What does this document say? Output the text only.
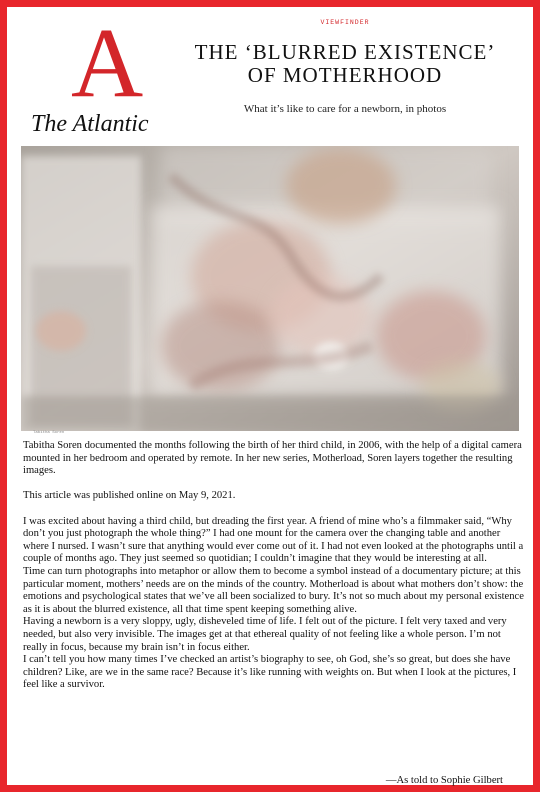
A
The Atlantic
VIEWFINDER
THE ‘BLURRED EXISTENCE’
OF MOTHERHOOD
What it’s like to care for a newborn, in photos
Tabitha Soren

Tabitha Soren documented the months following the birth of her third child, in 2006, with the help of a digital camera mounted in her bedroom and operated by remote. In her new series, Motherload, Soren layers together the resulting images.

This article was published online on May 9, 2021.

I was excited about having a third child, but dreading the first year. A friend of mine who’s a filmmaker said, “Why don’t you just photograph the whole thing?” I had one mount for the camera over the changing table and another where I nursed. I wasn’t sure that anything would ever come out of it. I had not even looked at the photographs until a couple of months ago. They just seemed so quotidian; I couldn’t imagine that they would be interesting at all.

Time can turn photographs into metaphor or allow them to become a symbol instead of a documentary picture; at this particular moment, mothers’ needs are on the minds of the country. Motherload is about what mothers don’t show: the emotions and psychological states that we’ve all been socialized to bury. It’s not so much about my personal existence as it is about the blurred existence, all that time spent keeping something alive.

Having a newborn is a very sloppy, ugly, disheveled time of life. I felt out of the picture. I felt very taxed and very needed, but also very invisible. The images get at that ethereal quality of not feeling like a whole person. I’m not really in focus, because my brain isn’t in focus either.

I can’t tell you how many times I’ve checked an artist’s biography to see, oh God, she’s so great, but does she have children? Like, are we in the same race? Because it’s like running with weights on. But when I look at the pictures, I feel like a survivor.

—As told to Sophie Gilbert
